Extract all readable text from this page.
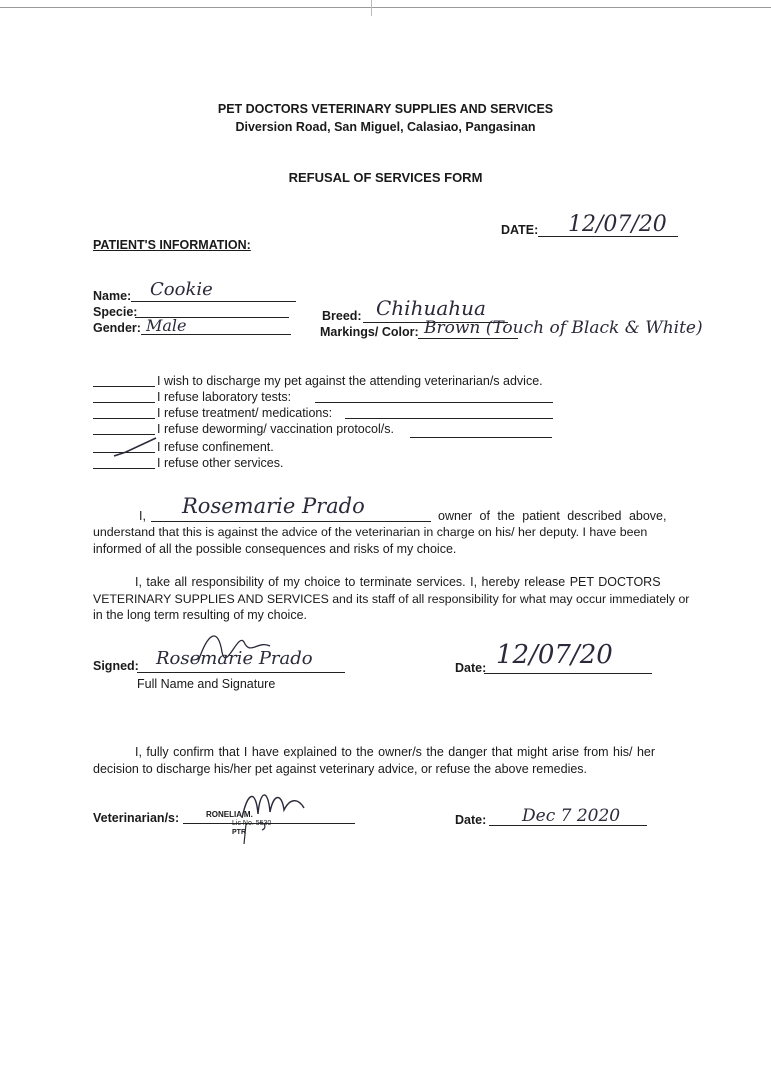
PET DOCTORS VETERINARY SUPPLIES AND SERVICES
Diversion Road, San Miguel, Calasiao, Pangasinan
REFUSAL OF SERVICES FORM
DATE: 12/07/20
PATIENT'S INFORMATION:
Name: Cookie
Specie:
Gender: Male	Breed: Chihuahua
Markings/ Color: Brown (Touch of Black & White)
I wish to discharge my pet against the attending veterinarian/s advice.
I refuse laboratory tests:
I refuse treatment/ medications:
I refuse deworming/ vaccination protocol/s.
I refuse confinement.
I refuse other services.
I, Rosemarie Prado	owner of the patient described above,
understand that this is against the advice of the veterinarian in charge on his/ her deputy. I have been
informed of all the possible consequences and risks of my choice.
I, take all responsibility of my choice to terminate services. I, hereby release PET DOCTORS
VETERINARY SUPPLIES AND SERVICES and its staff of all responsibility for what may occur immediately or
in the long term resulting of my choice.
Signed: Rosemarie Prado
Full Name and Signature
Date: 12/07/20
I, fully confirm that I have explained to the owner/s the danger that might arise from his/ her
decision to discharge his/her pet against veterinary advice, or refuse the above remedies.
Veterinarian/s:	RONELIA M.
Lic No. 5530
PTR
Date: Dec 7 2020
